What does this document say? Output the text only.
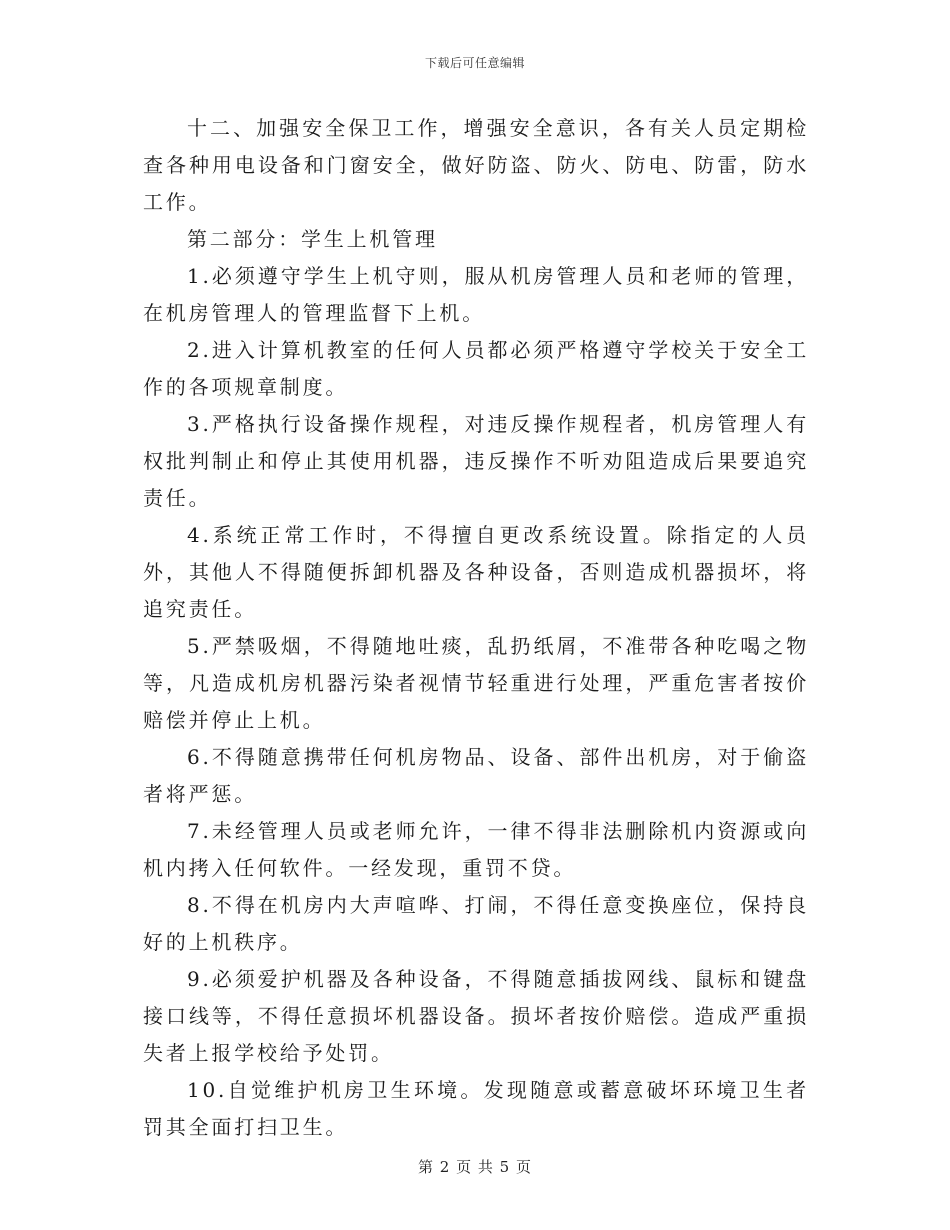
下载后可任意编辑

十二、加强安全保卫工作，增强安全意识，各有关人员定期检查各种用电设备和门窗安全，做好防盗、防火、防电、防雷，防水工作。

第二部分：学生上机管理

1.必须遵守学生上机守则，服从机房管理人员和老师的管理，在机房管理人的管理监督下上机。

2.进入计算机教室的任何人员都必须严格遵守学校关于安全工作的各项规章制度。

3.严格执行设备操作规程，对违反操作规程者，机房管理人有权批判制止和停止其使用机器，违反操作不听劝阻造成后果要追究责任。

4.系统正常工作时，不得擅自更改系统设置。除指定的人员外，其他人不得随便拆卸机器及各种设备，否则造成机器损坏，将追究责任。

5.严禁吸烟，不得随地吐痰，乱扔纸屑，不准带各种吃喝之物等，凡造成机房机器污染者视情节轻重进行处理，严重危害者按价赔偿并停止上机。

6.不得随意携带任何机房物品、设备、部件出机房，对于偷盗者将严惩。

7.未经管理人员或老师允许，一律不得非法删除机内资源或向机内拷入任何软件。一经发现，重罚不贷。

8.不得在机房内大声喧哗、打闹，不得任意变换座位，保持良好的上机秩序。

9.必须爱护机器及各种设备，不得随意插拔网线、鼠标和键盘接口线等，不得任意损坏机器设备。损坏者按价赔偿。造成严重损失者上报学校给予处罚。

10.自觉维护机房卫生环境。发现随意或蓄意破坏环境卫生者罚其全面打扫卫生。

第 2 页 共 5 页
